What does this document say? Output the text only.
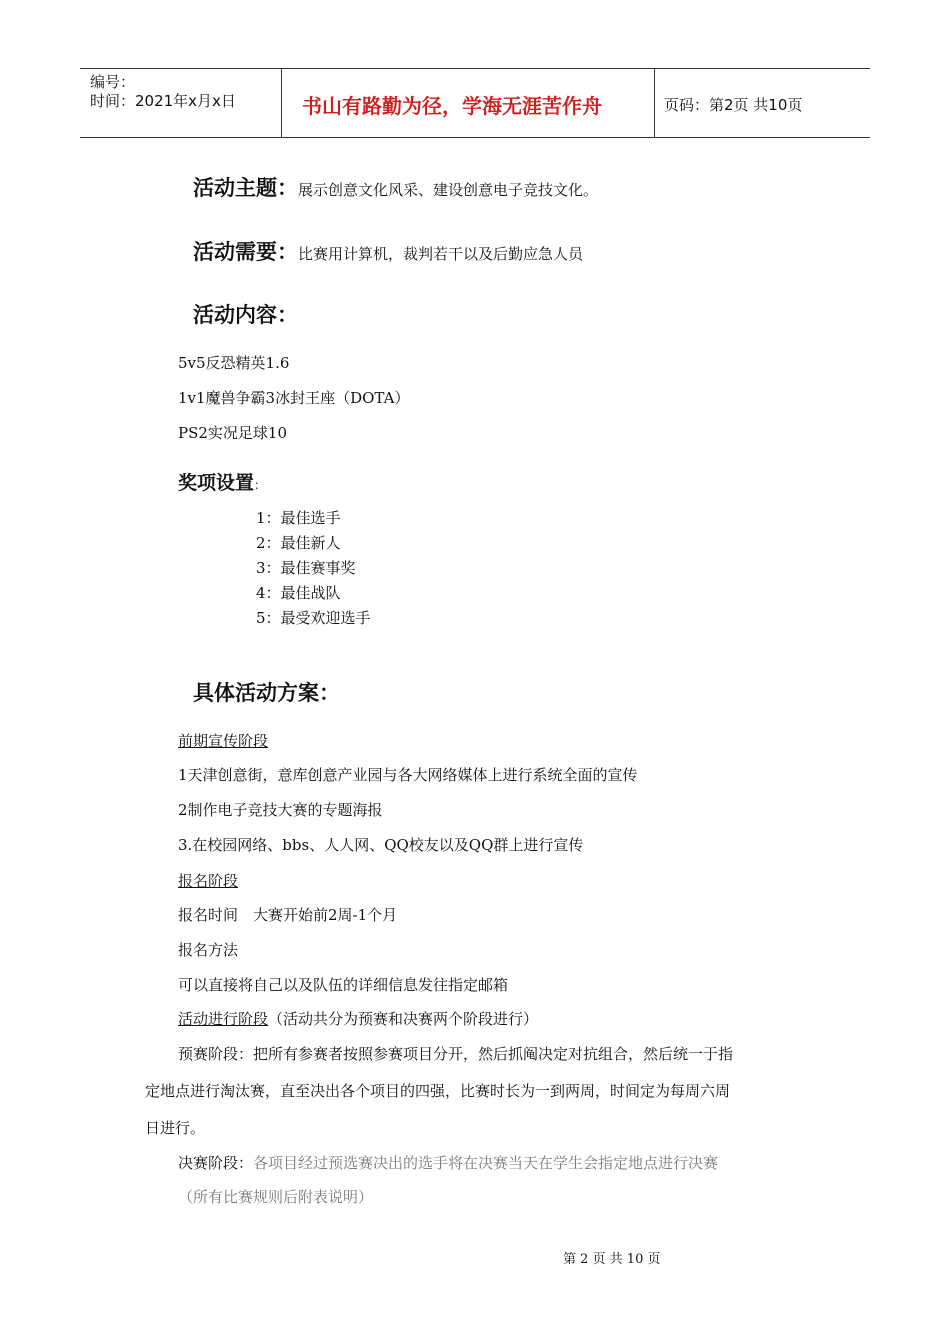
编号：
时间：2021年x月x日	书山有路勤为径，学海无涯苦作舟	页码：第2页 共10页
活动主题：展示创意文化风采、建设创意电子竞技文化。
活动需要：比赛用计算机，裁判若干以及后勤应急人员
活动内容：
5v5反恐精英1.6
1v1魔兽争霸3冰封王座（DOTA）
PS2实况足球10
奖项设置：
1：最佳选手
2：最佳新人
3：最佳赛事奖
4：最佳战队
5：最受欢迎选手
具体活动方案：
前期宣传阶段
1天津创意街，意库创意产业园与各大网络媒体上进行系统全面的宣传
2制作电子竞技大赛的专题海报
3.在校园网络、bbs、人人网、QQ校友以及QQ群上进行宣传
报名阶段
报名时间　大赛开始前2周-1个月
报名方法
可以直接将自己以及队伍的详细信息发往指定邮箱
活动进行阶段（活动共分为预赛和决赛两个阶段进行）
预赛阶段：把所有参赛者按照参赛项目分开，然后抓阄决定对抗组合，然后统一于指
定地点进行淘汰赛，直至决出各个项目的四强，比赛时长为一到两周，时间定为每周六周
日进行。
决赛阶段：各项目经过预选赛决出的选手将在决赛当天在学生会指定地点进行决赛
（所有比赛规则后附表说明）
第 2 页 共 10 页
